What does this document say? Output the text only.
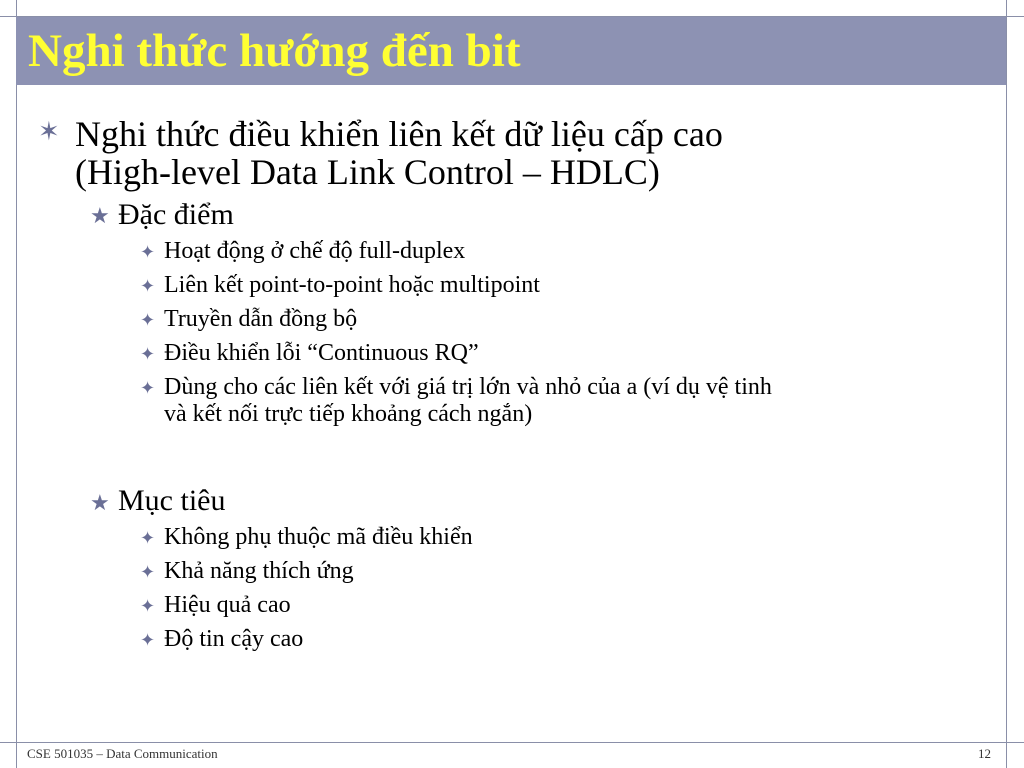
Nghi thức hướng đến bit
✶ Nghi thức điều khiển liên kết dữ liệu cấp cao
(High-level Data Link Control – HDLC)
★ Đặc điểm
✦ Hoạt động ở chế độ full-duplex
✦ Liên kết point-to-point hoặc multipoint
✦ Truyền dẫn đồng bộ
✦ Điều khiển lỗi “Continuous RQ”
✦ Dùng cho các liên kết với giá trị lớn và nhỏ của a (ví dụ vệ tinh
và kết nối trực tiếp khoảng cách ngắn)
★ Mục tiêu
✦ Không phụ thuộc mã điều khiển
✦ Khả năng thích ứng
✦ Hiệu quả cao
✦ Độ tin cậy cao
CSE 501035 – Data Communication	12
